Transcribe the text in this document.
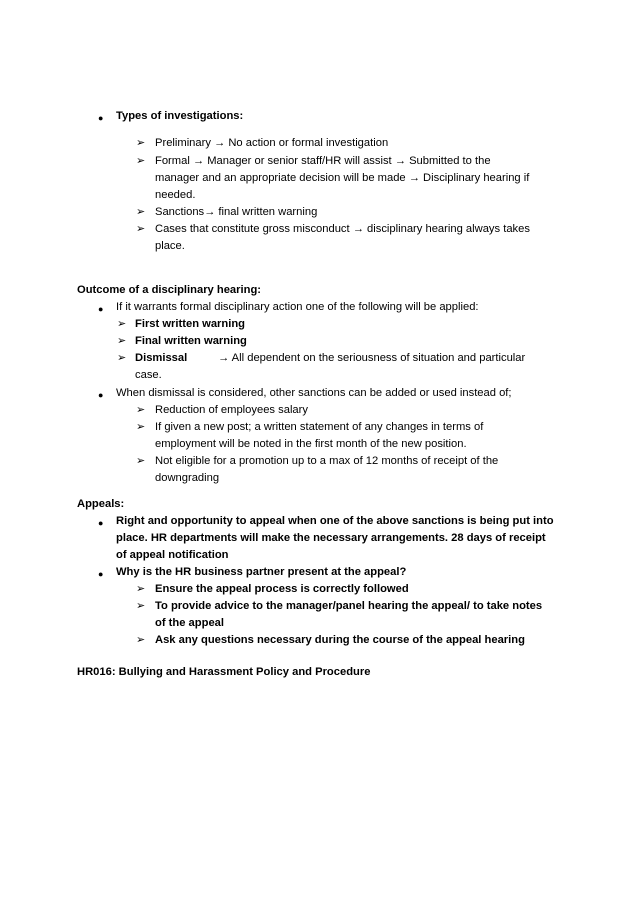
● Types of investigations:
➢ Preliminary → No action or formal investigation

➢ Formal → Manager or senior staff/HR will assist → Submitted to the

manager and an appropriate decision will be made → Disciplinary hearing if

needed.

➢ Sanctions→ final written warning

➢ Cases that constitute gross misconduct → disciplinary hearing always takes

place.

Outcome of a disciplinary hearing:

● If it warrants formal disciplinary action one of the following will be applied:

➢ First written warning

➢ Final written warning

➢ Dismissal	→ All dependent on the seriousness of situation and particular

case.

● When dismissal is considered, other sanctions can be added or used instead of;

➢ Reduction of employees salary

➢ If given a new post; a written statement of any changes in terms of

employment will be noted in the first month of the new position.

➢ Not eligible for a promotion up to a max of 12 months of receipt of the

downgrading

Appeals:

● Right and opportunity to appeal when one of the above sanctions is being put into

place. HR departments will make the necessary arrangements. 28 days of receipt

of appeal notification

● Why is the HR business partner present at the appeal?

➢ Ensure the appeal process is correctly followed

➢ To provide advice to the manager/panel hearing the appeal/ to take notes

of the appeal

➢ Ask any questions necessary during the course of the appeal hearing

HR016: Bullying and Harassment Policy and Procedure
